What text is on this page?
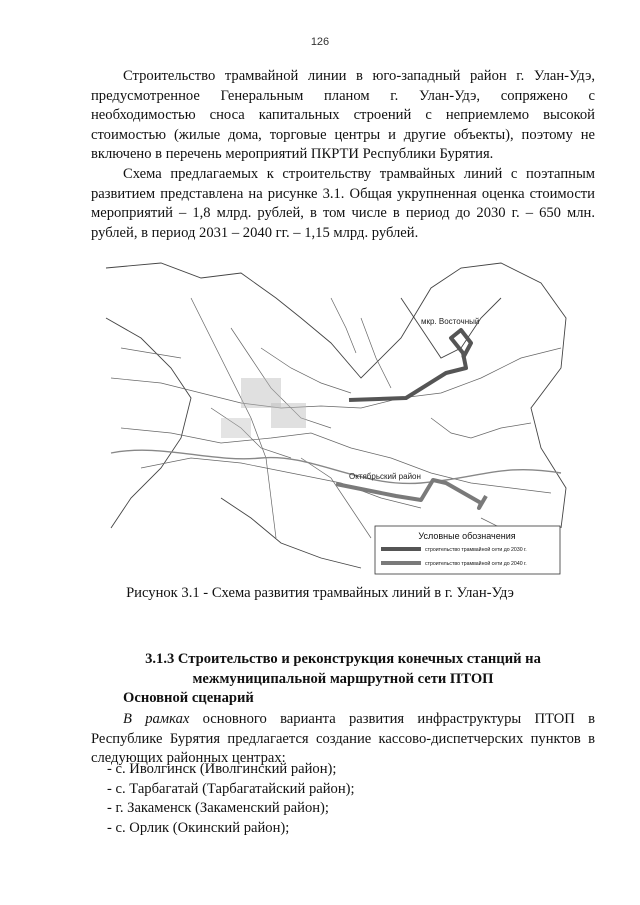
126

Строительство трамвайной линии в юго-западный район г. Улан-Удэ, предусмотренное Генеральным планом г. Улан-Удэ, сопряжено с необходимостью сноса капитальных строений с неприемлемо высокой стоимостью (жилые дома, торговые центры и другие объекты), поэтому не включено в перечень мероприятий ПКРТИ Республики Бурятия.

Схема предлагаемых к строительству трамвайных линий с поэтапным развитием представлена на рисунке 3.1. Общая укрупненная оценка стоимости мероприятий – 1,8 млрд. рублей, в том числе в период до 2030 г. – 650 млн. рублей, в период 2031 – 2040 гг. – 1,15 млрд. рублей.

мкр. Восточный
Октябрьский район
Условные обозначения
строительство трамвайной сети до 2030 г.
строительство трамвайной сети до 2040 г.

Рисунок 3.1 - Схема развития трамвайных линий в г. Улан-Удэ

3.1.3 Строительство и реконструкция конечных станций на межмуниципальной маршрутной сети ПТОП

Основной сценарий

В рамках основного варианта развития инфраструктуры ПТОП в Республике Бурятия предлагается создание кассово-диспетчерских пунктов в следующих районных центрах:

- с. Иволгинск (Иволгинский район);
- с. Тарбагатай (Тарбагатайский район);
- г. Закаменск (Закаменский район);
- с. Орлик (Окинский район);
